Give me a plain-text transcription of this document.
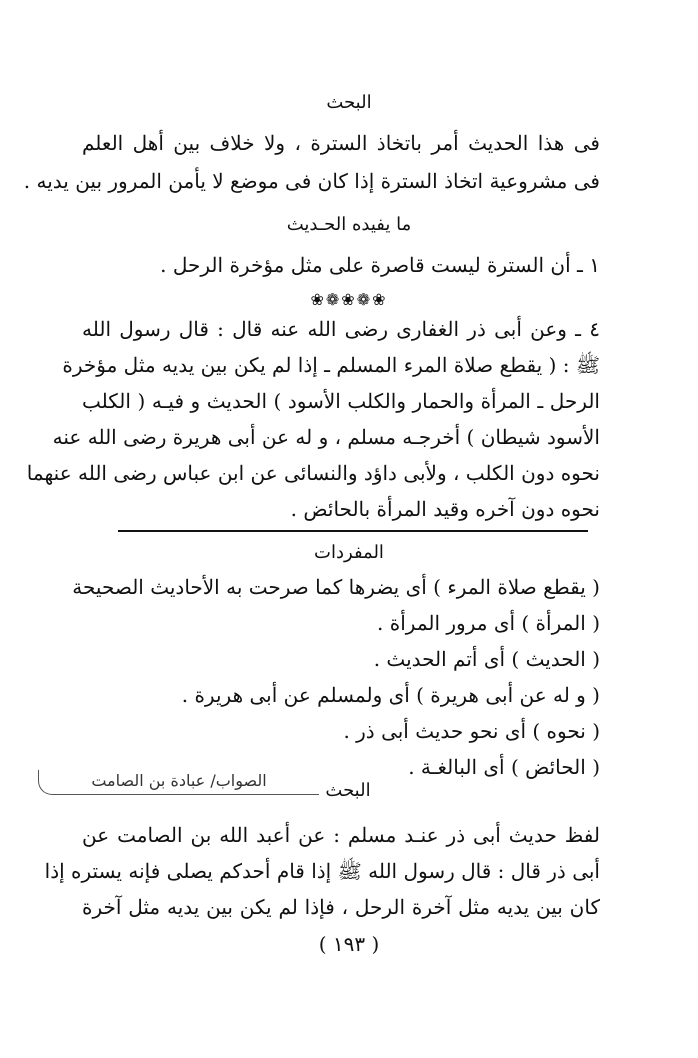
البحث
فى هذا الحديث أمر باتخاذ السترة ، ولا خلاف بين أهل العلم
فى مشروعية اتخاذ السترة إذا كان فى موضع لا يأمن المرور بين يديه .
ما يفيده الحـديث
١ ـ أن السترة ليست قاصرة على مثل مؤخرة الرحل .
❀❁❀❁❀
٤ ـ وعن أبى ذر الغفارى رضى الله عنه قال : قال رسول الله
ﷺ : ( يقطع صلاة المرء المسلم ـ إذا لم يكن بين يديه مثل مؤخرة
الرحل ـ المرأة والحمار والكلب الأسود ) الحديث و فيـه ( الكلب
الأسود شيطان ) أخرجـه مسلم ، و له عن أبى هريرة رضى الله عنه
نحوه دون الكلب ، ولأبى داؤد والنسائى عن ابن عباس رضى الله عنهما
نحوه دون آخره وقيد المرأة بالحائض .
المفردات
( يقطع صلاة المرء ) أى يضرها كما صرحت به الأحاديث الصحيحة
( المرأة ) أى مرور المرأة .
( الحديث ) أى أتم الحديث .
( و له عن أبى هريرة ) أى ولمسلم عن أبى هريرة .
( نحوه ) أى نحو حديث أبى ذر .
( الحائض ) أى البالغـة .
الصواب/ عبادة بن الصامت	البحث
لفظ حديث أبى ذر عنـد مسلم : عن أعبد الله بن الصامت عن
أبى ذر قال : قال رسول الله ﷺ إذا قام أحدكم يصلى فإنه يستره إذا
كان بين يديه مثل آخرة الرحل ، فإذا لم يكن بين يديه مثل آخرة
( ١٩٣ )
